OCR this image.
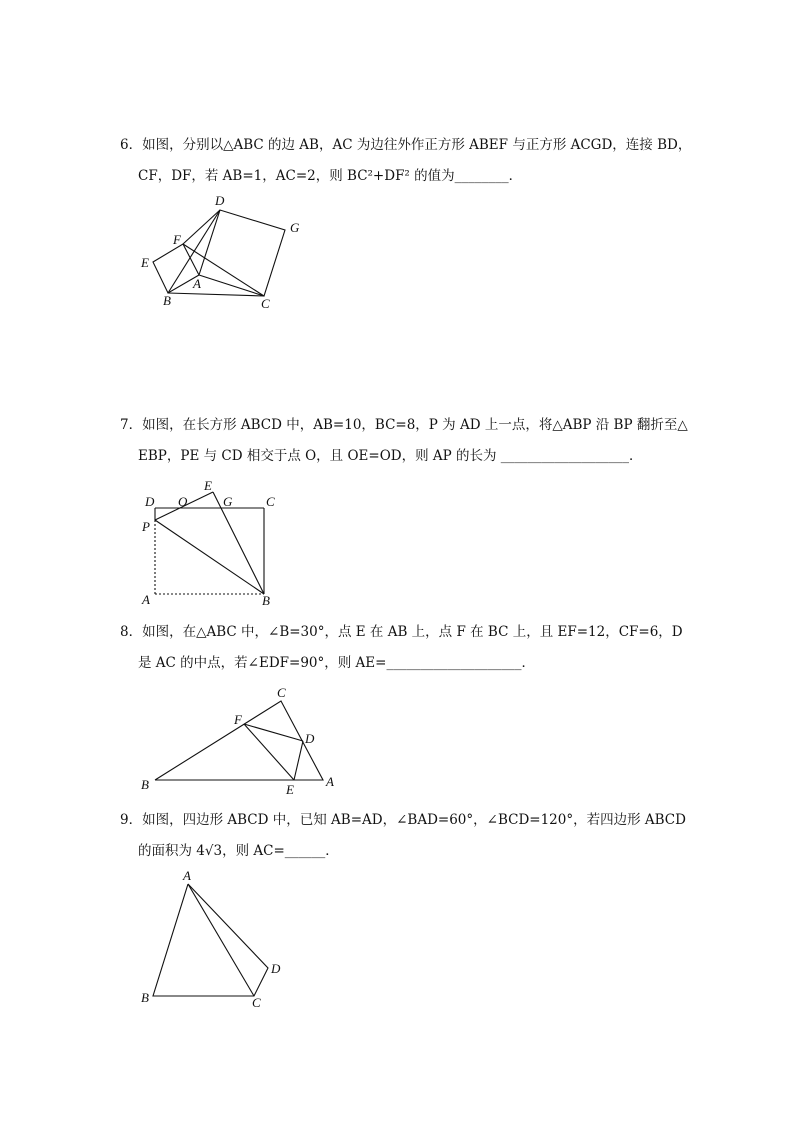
6．如图，分别以△ABC 的边 AB，AC 为边往外作正方形 ABEF 与正方形 ACGD，连接 BD，
CF，DF，若 AB=1，AC=2，则 BC²+DF² 的值为________．
D
G
F
E
A
B	C
7．如图，在长方形 ABCD 中，AB=10，BC=8，P 为 AD 上一点，将△ABP 沿 BP 翻折至△
EBP，PE 与 CD 相交于点 O，且 OE=OD，则 AP 的长为 ___________________．
D O
E
G	C
P
A	B
8．如图，在△ABC 中，∠B=30°，点 E 在 AB 上，点 F 在 BC 上，且 EF=12，CF=6，D
是 AC 的中点，若∠EDF=90°，则 AE=____________________．
C
F
D
B	E
A
9．如图，四边形 ABCD 中，已知 AB=AD，∠BAD=60°，∠BCD=120°，若四边形 ABCD
的面积为 4√3，则 AC=______．
A
D
B	C
